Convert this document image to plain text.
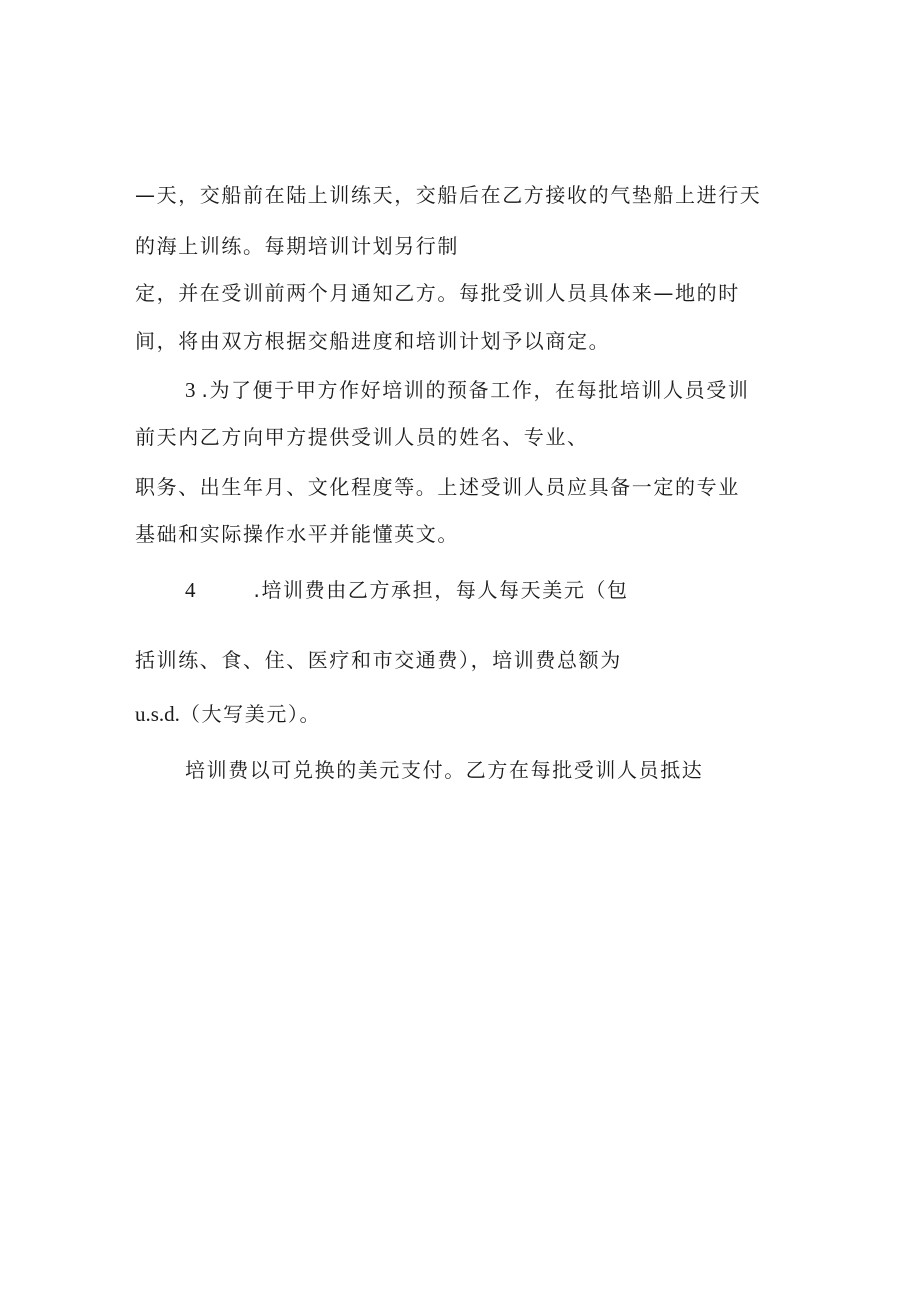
—天，交船前在陆上训练天，交船后在乙方接收的气垫船上进行天
的海上训练。每期培训计划另行制
定，并在受训前两个月通知乙方。每批受训人员具体来—地的时
间，将由双方根据交船进度和培训计划予以商定。
3 .为了便于甲方作好培训的预备工作，在每批培训人员受训
前天内乙方向甲方提供受训人员的姓名、专业、
职务、出生年月、文化程度等。上述受训人员应具备一定的专业
基础和实际操作水平并能懂英文。
4	.培训费由乙方承担，每人每天美元（包
括训练、食、住、医疗和市交通费），培训费总额为
u.s.d.（大写美元）。
培训费以可兑换的美元支付。乙方在每批受训人员抵达
